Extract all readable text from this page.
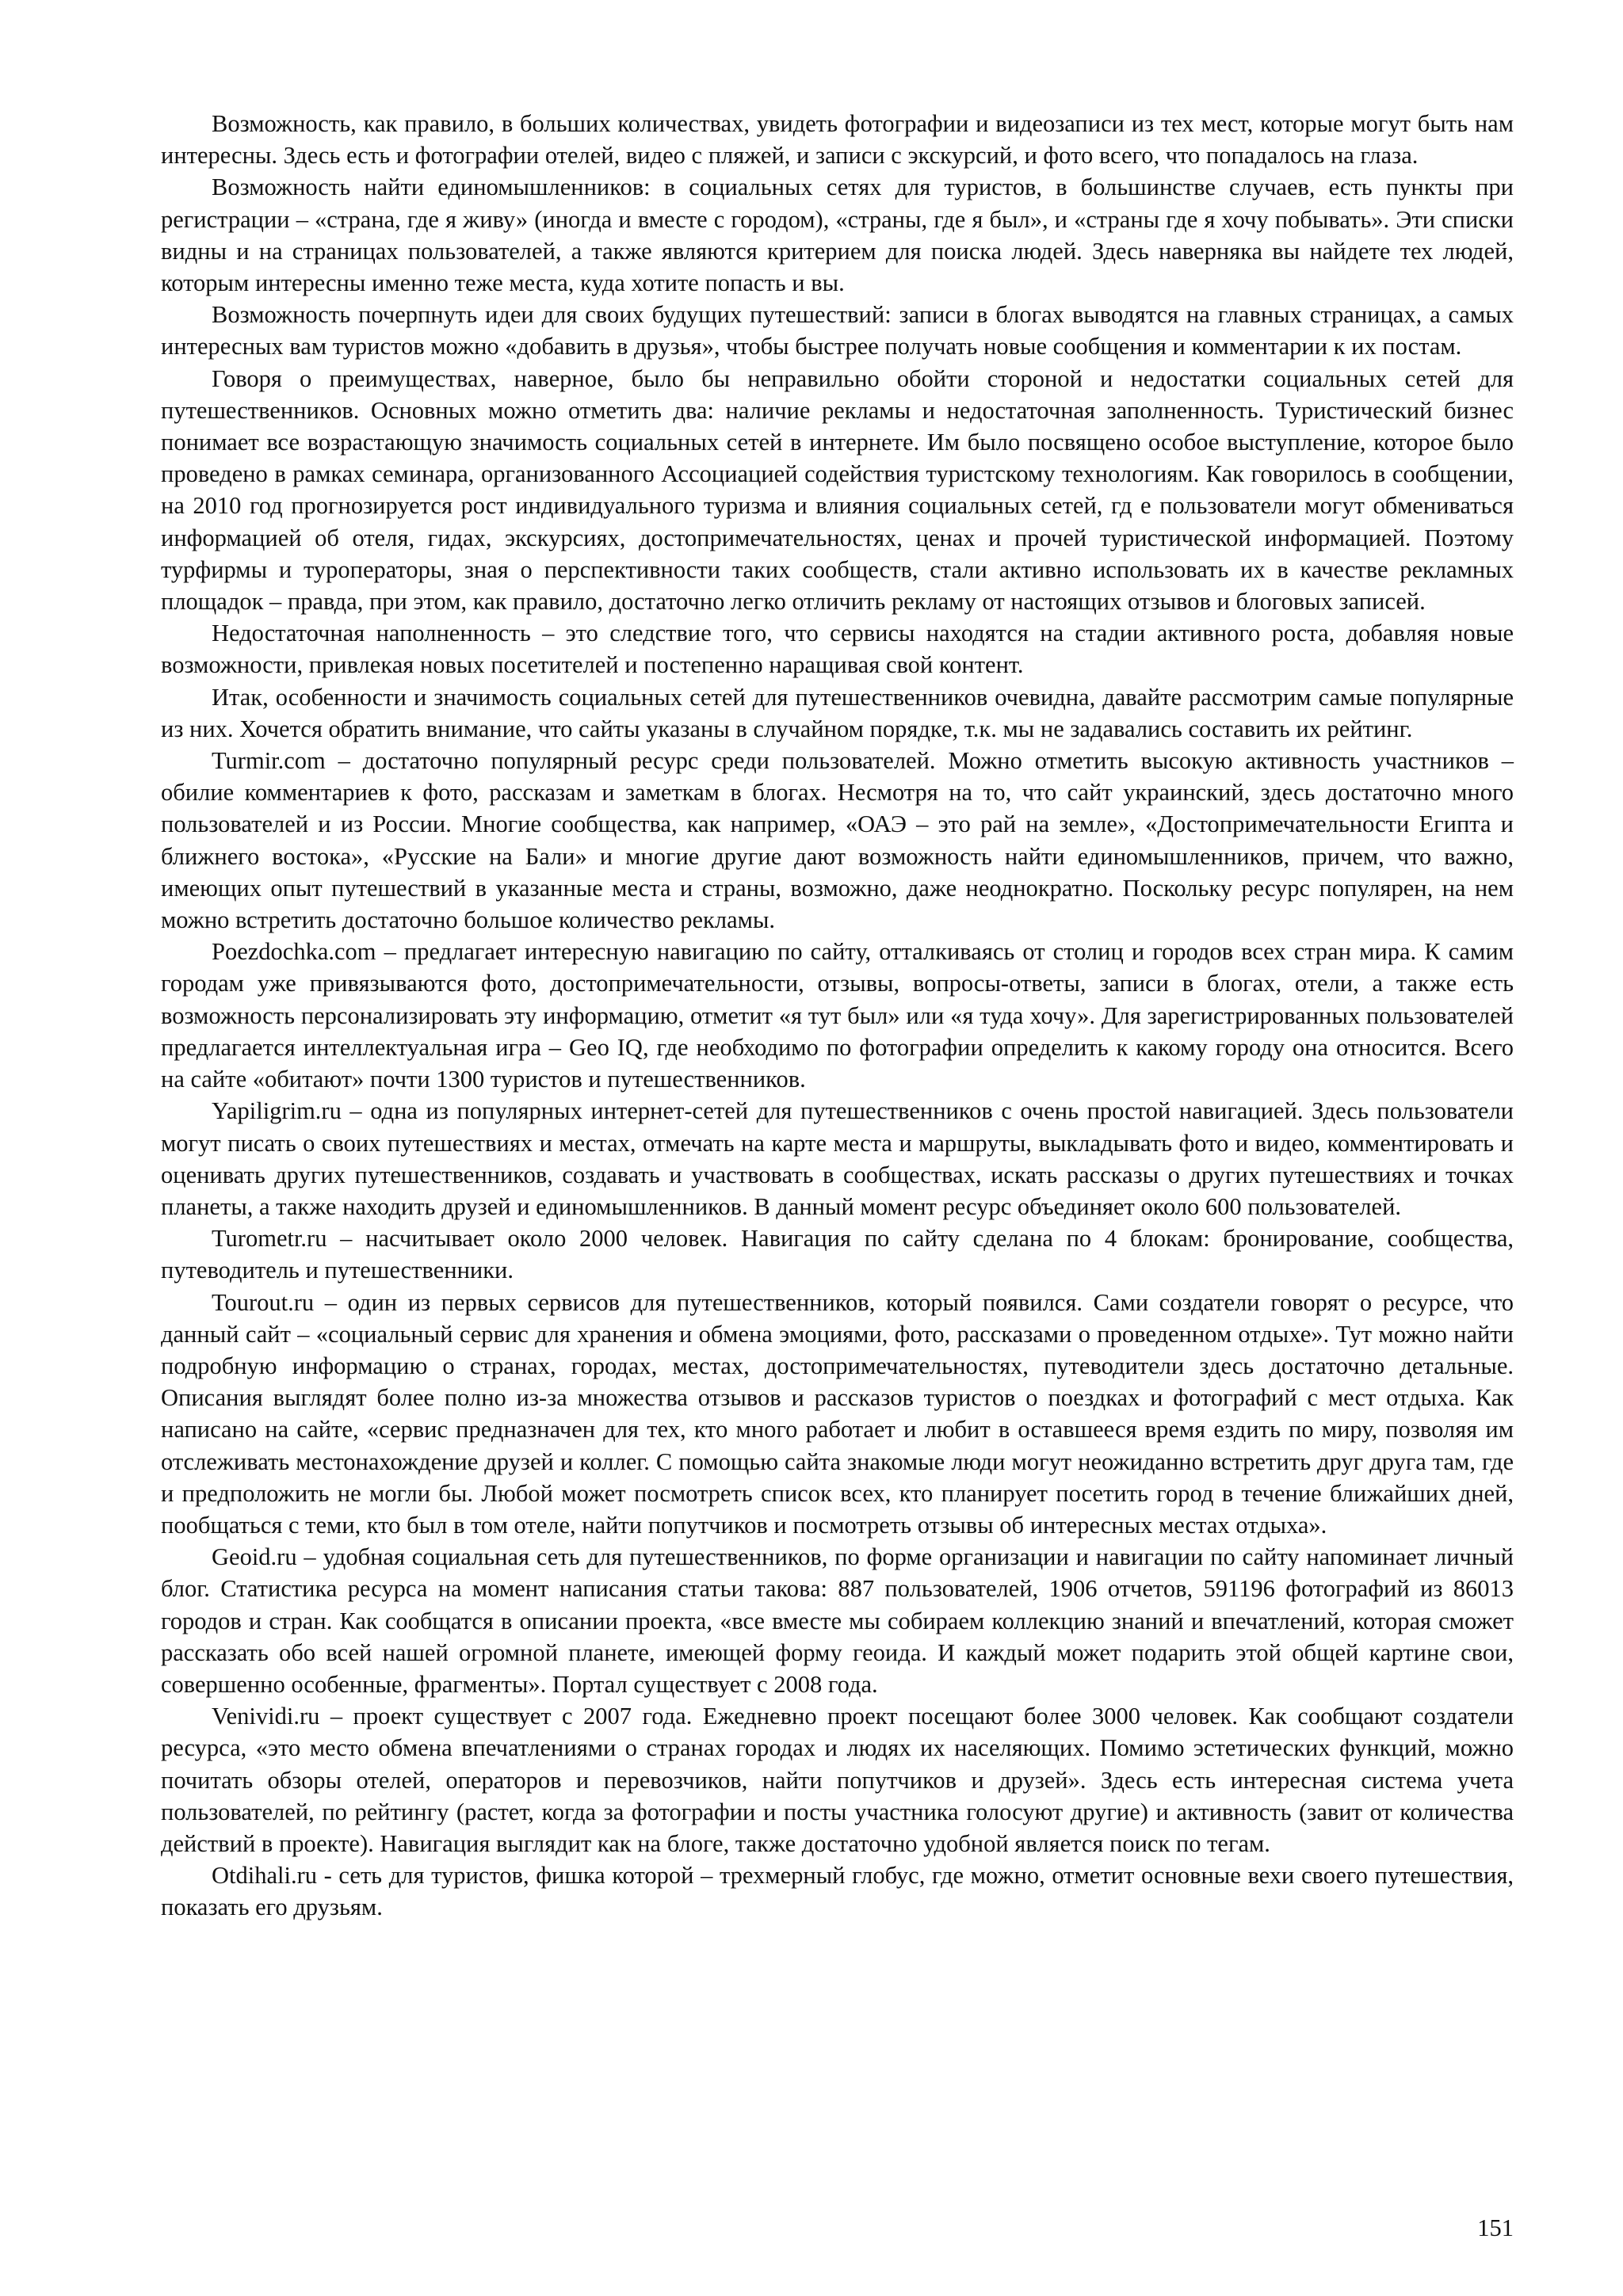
Возможность, как правило, в больших количествах, увидеть фотографии и видеозаписи из тех мест, которые могут быть нам интересны. Здесь есть и фотографии отелей, видео с пляжей, и записи с экскурсий, и фото всего, что попадалось на глаза.

Возможность найти единомышленников: в социальных сетях для туристов, в большинстве случаев, есть пункты при регистрации – «страна, где я живу» (иногда и вместе с городом), «страны, где я был», и «страны где я хочу побывать». Эти списки видны и на страницах пользователей, а также являются критерием для поиска людей. Здесь наверняка вы найдете тех людей, которым интересны именно теже места, куда хотите попасть и вы.

Возможность почерпнуть идеи для своих будущих путешествий: записи в блогах выводятся на главных страницах, а самых интересных вам туристов можно «добавить в друзья», чтобы быстрее получать новые сообщения и комментарии к их постам.

Говоря о преимуществах, наверное, было бы неправильно обойти стороной и недостатки социальных сетей для путешественников. Основных можно отметить два: наличие рекламы и недостаточная заполненность. Туристический бизнес понимает все возрастающую значимость социальных сетей в интернете. Им было посвящено особое выступление, которое было проведено в рамках семинара, организованного Ассоциацией содействия туристскому технологиям. Как говорилось в сообщении, на 2010 год прогнозируется рост индивидуального туризма и влияния социальных сетей, гд е пользователи могут обмениваться информацией об отеля, гидах, экскурсиях, достопримечательностях, ценах и прочей туристической информацией. Поэтому турфирмы и туроператоры, зная о перспективности таких сообществ, стали активно использовать их в качестве рекламных площадок – правда, при этом, как правило, достаточно легко отличить рекламу от настоящих отзывов и блоговых записей.

Недостаточная наполненность – это следствие того, что сервисы находятся на стадии активного роста, добавляя новые возможности, привлекая новых посетителей и постепенно наращивая свой контент.

Итак, особенности и значимость социальных сетей для путешественников очевидна, давайте рассмотрим самые популярные из них. Хочется обратить внимание, что сайты указаны в случайном порядке, т.к. мы не задавались составить их рейтинг.

Turmir.com – достаточно популярный ресурс среди пользователей. Можно отметить высокую активность участников – обилие комментариев к фото, рассказам и заметкам в блогах. Несмотря на то, что сайт украинский, здесь достаточно много пользователей и из России. Многие сообщества, как например, «ОАЭ – это рай на земле», «Достопримечательности Египта и ближнего востока», «Русские на Бали» и многие другие дают возможность найти единомышленников, причем, что важно, имеющих опыт путешествий в указанные места и страны, возможно, даже неоднократно. Поскольку ресурс популярен, на нем можно встретить достаточно большое количество рекламы.

Poezdochka.com – предлагает интересную навигацию по сайту, отталкиваясь от столиц и городов всех стран мира. К самим городам уже привязываются фото, достопримечательности, отзывы, вопросы-ответы, записи в блогах, отели, а также есть возможность персонализировать эту информацию, отметит «я тут был» или «я туда хочу». Для зарегистрированных пользователей предлагается интеллектуальная игра – Geo IQ, где необходимо по фотографии определить к какому городу она относится. Всего на сайте «обитают» почти 1300 туристов и путешественников.

Yapiligrim.ru – одна из популярных интернет-сетей для путешественников с очень простой навигацией. Здесь пользователи могут писать о своих путешествиях и местах, отмечать на карте места и маршруты, выкладывать фото и видео, комментировать и оценивать других путешественников, создавать и участвовать в сообществах, искать рассказы о других путешествиях и точках планеты, а также находить друзей и единомышленников. В данный момент ресурс объединяет около 600 пользователей.

Turometr.ru – насчитывает около 2000 человек. Навигация по сайту сделана по 4 блокам: бронирование, сообщества, путеводитель и путешественники.

Tourout.ru – один из первых сервисов для путешественников, который появился. Сами создатели говорят о ресурсе, что данный сайт – «социальный сервис для хранения и обмена эмоциями, фото, рассказами о проведенном отдыхе». Тут можно найти подробную информацию о странах, городах, местах, достопримечательностях, путеводители здесь достаточно детальные. Описания выглядят более полно из-за множества отзывов и рассказов туристов о поездках и фотографий с мест отдыха. Как написано на сайте, «сервис предназначен для тех, кто много работает и любит в оставшееся время ездить по миру, позволяя им отслеживать местонахождение друзей и коллег. С помощью сайта знакомые люди могут неожиданно встретить друг друга там, где и предположить не могли бы. Любой может посмотреть список всех, кто планирует посетить город в течение ближайших дней, пообщаться с теми, кто был в том отеле, найти попутчиков и посмотреть отзывы об интересных местах отдыха».

Geoid.ru – удобная социальная сеть для путешественников, по форме организации и навигации по сайту напоминает личный блог. Статистика ресурса на момент написания статьи такова: 887 пользователей, 1906 отчетов, 591196 фотографий из 86013 городов и стран. Как сообщатся в описании проекта, «все вместе мы собираем коллекцию знаний и впечатлений, которая сможет рассказать обо всей нашей огромной планете, имеющей форму геоида. И каждый может подарить этой общей картине свои, совершенно особенные, фрагменты». Портал существует с 2008 года.

Venividi.ru – проект существует с 2007 года. Ежедневно проект посещают более 3000 человек. Как сообщают создатели ресурса, «это место обмена впечатлениями о странах городах и людях их населяющих. Помимо эстетических функций, можно почитать обзоры отелей, операторов и перевозчиков, найти попутчиков и друзей». Здесь есть интересная система учета пользователей, по рейтингу (растет, когда за фотографии и посты участника голосуют другие) и активность (завит от количества действий в проекте). Навигация выглядит как на блоге, также достаточно удобной является поиск по тегам.

Otdihali.ru - сеть для туристов, фишка которой – трехмерный глобус, где можно, отметит основные вехи своего путешествия, показать его друзьям.

151
